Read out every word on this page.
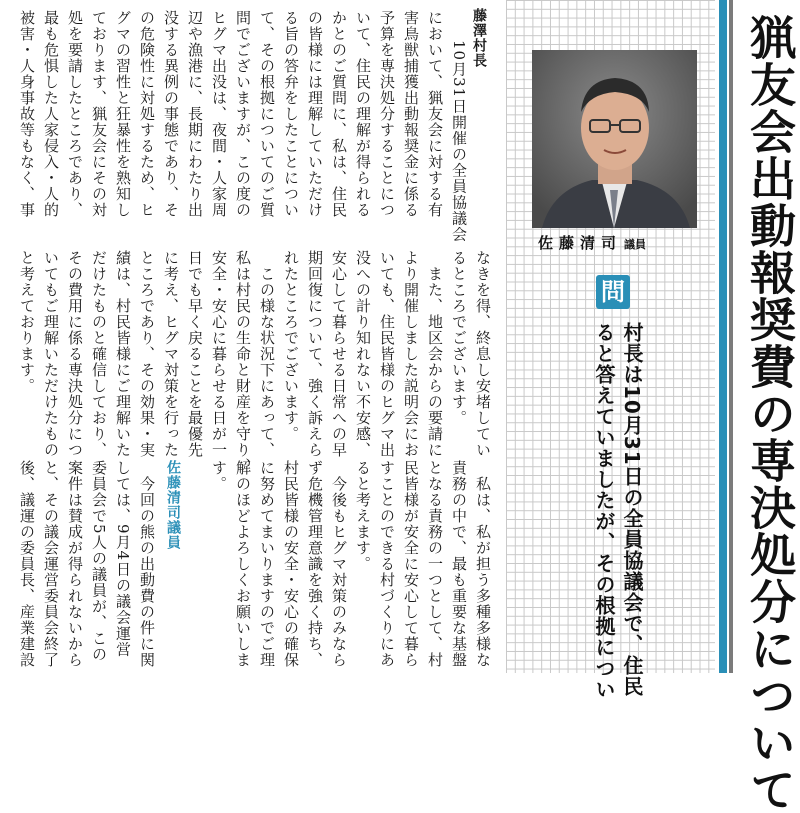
藤澤村長

10月31日開催の全員協議会

において、猟友会に対する有

害鳥獣捕獲出動報奨金に係る

予算を専決処分することにつ

いて、住民の理解が得られる

かとのご質問に、私は、住民

の皆様には理解していただけ

る旨の答弁をしたことについ

て、その根拠についてのご質

問でございますが、この度の

ヒグマ出没は、夜間・人家周

辺や漁港に、長期にわたり出

没する異例の事態であり、そ

の危険性に対処するため、ヒ

グマの習性と狂暴性を熟知し

ております、猟友会にその対

処を要請したところであり、

最も危惧した人家侵入・人的

被害・人身事故等もなく、事	猟友会出動報奨費の専決処分について
佐藤清司 議員
問
村長は10月31日の全員協議会で、住民
ると答えていましたが、その根拠につい

なきを得、終息し安堵してい

るところでございます。

　また、地区会からの要請に

より開催しました説明会にお

いても、住民皆様のヒグマ出

没への計り知れない不安感、

安心して暮らせる日常への早

期回復について、強く訴えら

れたところでございます。

　この様な状況下にあって、

私は村民の生命と財産を守り、

安全・安心に暮らせる日が一

日でも早く戻ることを最優先

に考え、ヒグマ対策を行った

ところであり、その効果・実

績は、村民皆様にご理解いた

だけたものと確信しており、

その費用に係る専決処分につ

いてもご理解いただけたもの

と考えております。

　私は、私が担う多種多様な

責務の中で、最も重要な基盤

となる責務の一つとして、村

民皆様が安全に安心して暮ら

すことのできる村づくりにあ

ると考えます。

　今後もヒグマ対策のみなら

ず危機管理意識を強く持ち、

村民皆様の安全・安心の確保

に努めてまいりますのでご理

解のほどよろしくお願いしま

す。

佐藤清司議員

　今回の熊の出動費の件に関

しては、9月4日の議会運営

委員会で5人の議員が、この

案件は賛成が得られないから

と、その議会運営委員会終了

後、議運の委員長、産業建設
